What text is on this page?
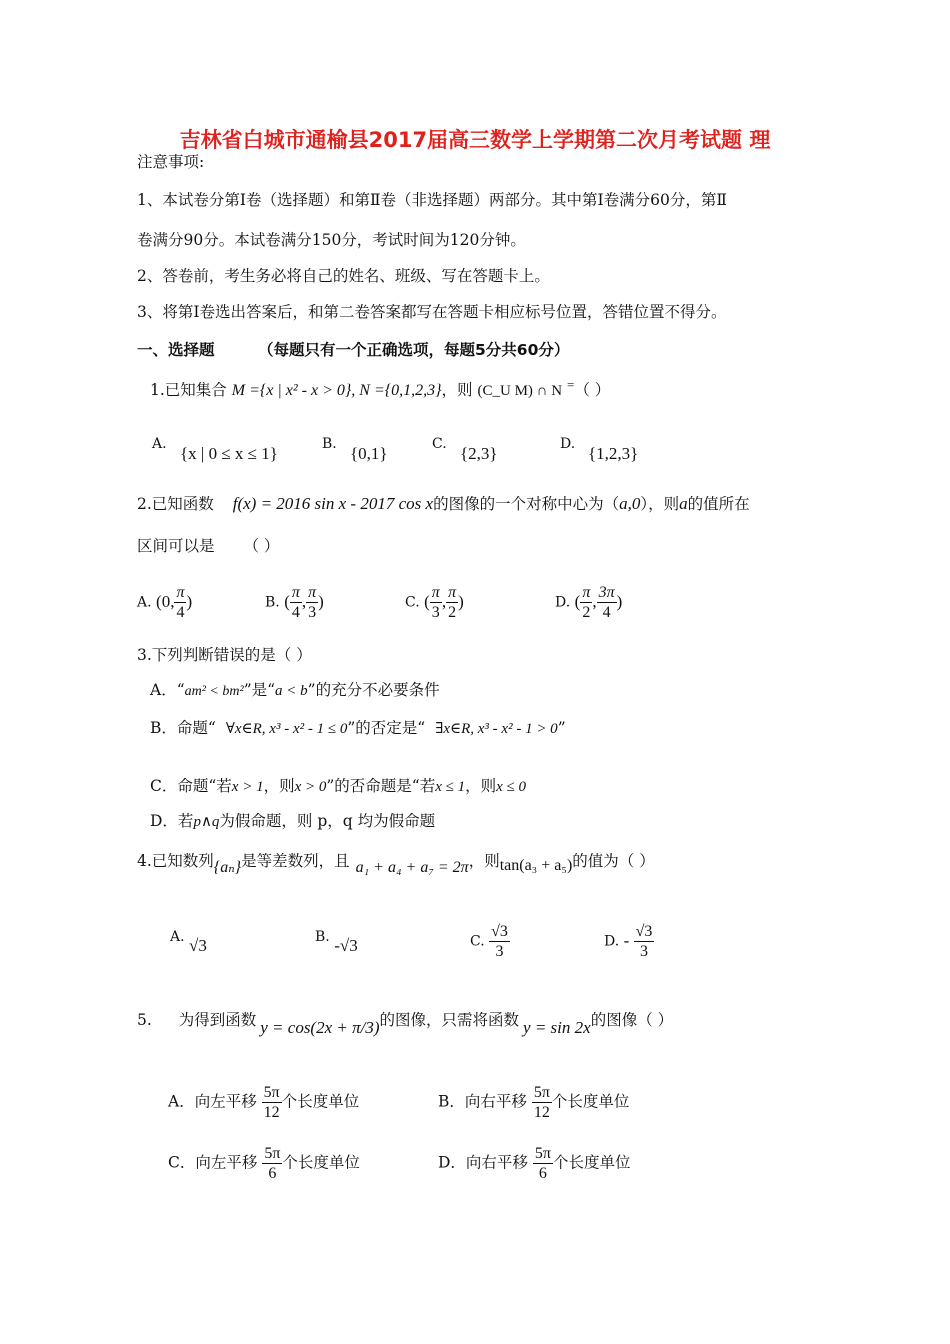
吉林省白城市通榆县2017届高三数学上学期第二次月考试题 理
注意事项:
1、本试卷分第Ⅰ卷（选择题）和第Ⅱ卷（非选择题）两部分。其中第Ⅰ卷满分60分，第Ⅱ
卷满分90分。本试卷满分150分，考试时间为120分钟。
2、答卷前，考生务必将自己的姓名、班级、写在答题卡上。
3、将第Ⅰ卷选出答案后，和第二卷答案都写在答题卡相应标号位置，答错位置不得分。
一、选择题	（每题只有一个正确选项，每题5分共60分）
1.已知集合 M ={x | x² - x > 0}, N ={0,1,2,3}，则 (C_U M) ∩ N =（ ）
A. {x | 0 ≤ x ≤ 1}	B. {0,1}	C. {2,3}	D. {1,2,3}
2.已知函数 f(x) = 2016 sin x - 2017 cos x的图像的一个对称中心为（a,0），则a的值所在
区间可以是 （ ）
A. (0, $\frac{\pi}{4}$ )	B. ( $\frac{\pi}{4}$ , $\frac{\pi}{3}$ )	C. ( $\frac{\pi}{3}$ , $\frac{\pi}{2}$ )	D. ( $\frac{\pi}{2}$ , $\frac{3\pi}{4}$ )
3.下列判断错误的是（ ）
A．“am² < bm²”是“a < b”的充分不必要条件
B．命题“ ∀x∈R, x³ - x² - 1 ≤ 0”的否定是“ ∃x∈R, x³ - x² - 1 > 0”
C．命题“若x > 1，则x > 0”的否命题是“若x ≤ 1，则x ≤ 0
D．若p∧q为假命题，则 p，q 均为假命题
4.已知数列{aₙ}是等差数列，且 a₁ + a₄ + a₇ = 2π，则tan(a₃ + a₅)的值为（ ）
A. √3	B. -√3	C. $\frac{√3}{3}$	D. - $\frac{√3}{3}$
5. 为得到函数 y = cos(2x + π/3)的图像，只需将函数 y = sin 2x的图像（ ）
A．向左平移 $\frac{5\pi}{12}$ 个长度单位	B．向右平移 $\frac{5\pi}{12}$ 个长度单位
C．向左平移 $\frac{5\pi}{6}$ 个长度单位	D．向右平移 $\frac{5\pi}{6}$ 个长度单位
